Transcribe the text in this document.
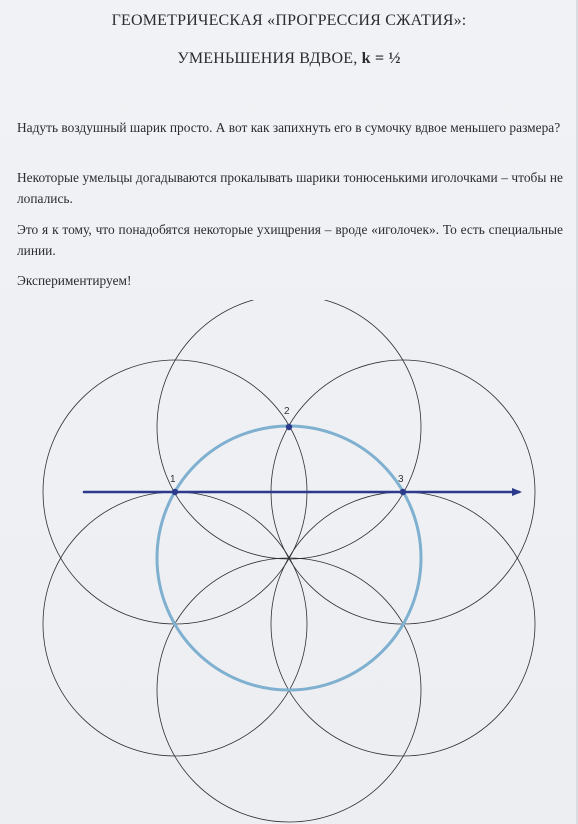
ГЕОМЕТРИЧЕСКАЯ «ПРОГРЕССИЯ СЖАТИЯ»:
УМЕНЬШЕНИЯ ВДВОЕ, k = ½
Надуть воздушный шарик просто. А вот как запихнуть его в сумочку вдвое меньшего размера?
Некоторые умельцы догадываются прокалывать шарики тонюсенькими иголочками – чтобы не лопались.
Это я к тому, что понадобятся некоторые ухищрения – вроде «иголочек». То есть специальные линии.
Экспериментируем!
1
2
3
